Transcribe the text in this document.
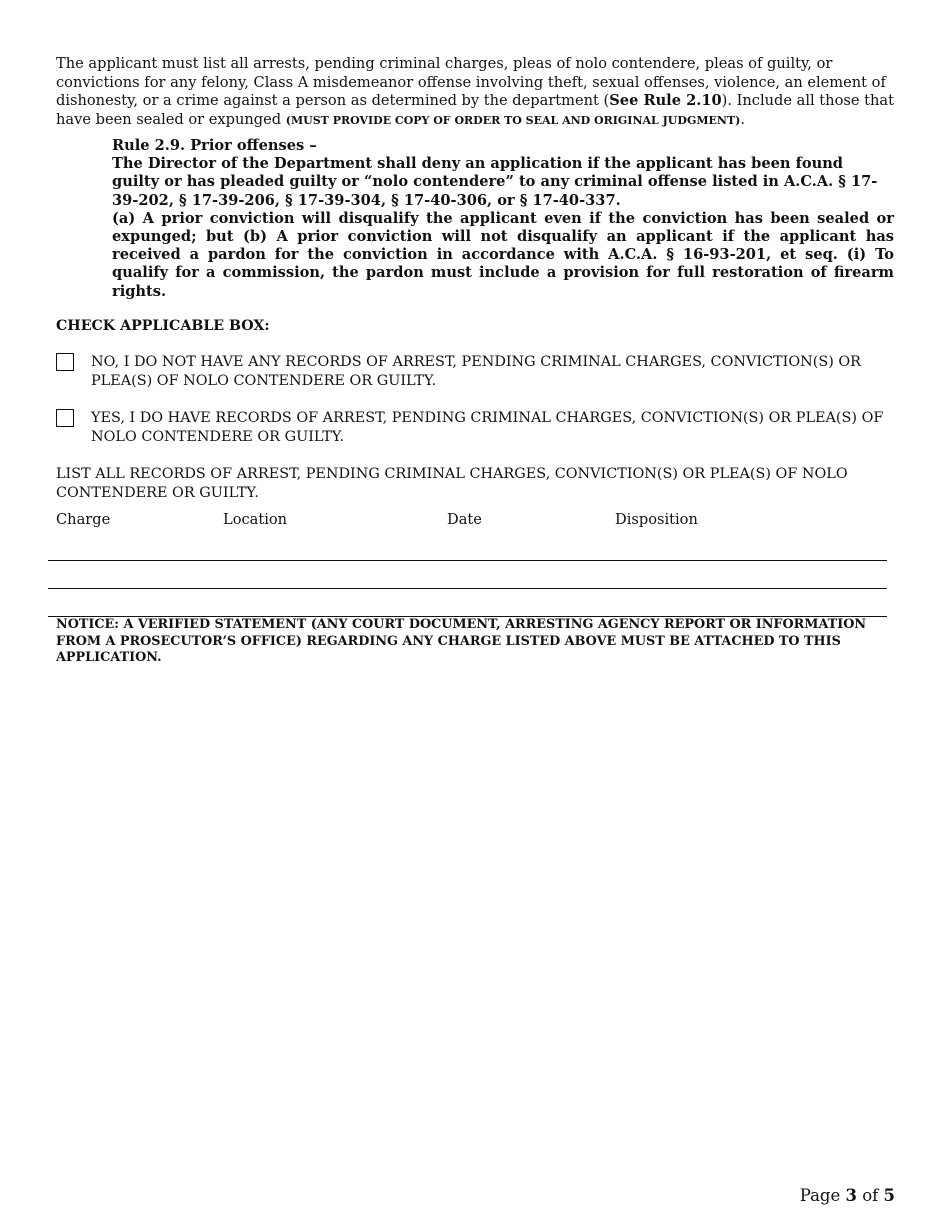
The applicant must list all arrests, pending criminal charges, pleas of nolo contendere, pleas of guilty, or convictions for any felony, Class A misdemeanor offense involving theft, sexual offenses, violence, an element of dishonesty, or a crime against a person as determined by the department (See Rule 2.10). Include all those that have been sealed or expunged (MUST PROVIDE COPY OF ORDER TO SEAL AND ORIGINAL JUDGMENT).
Rule 2.9. Prior offenses –
The Director of the Department shall deny an application if the applicant has been found guilty or has pleaded guilty or “nolo contendere” to any criminal offense listed in A.C.A. § 17-39-202, § 17-39-206, § 17-39-304, § 17-40-306, or § 17-40-337.
(a) A prior conviction will disqualify the applicant even if the conviction has been sealed or expunged; but (b) A prior conviction will not disqualify an applicant if the applicant has received a pardon for the conviction in accordance with A.C.A. § 16-93-201, et seq. (i) To qualify for a commission, the pardon must include a provision for full restoration of firearm rights.
CHECK APPLICABLE BOX:
NO, I DO NOT HAVE ANY RECORDS OF ARREST, PENDING CRIMINAL CHARGES, CONVICTION(S) OR PLEA(S) OF NOLO CONTENDERE OR GUILTY.
YES, I DO HAVE RECORDS OF ARREST, PENDING CRIMINAL CHARGES, CONVICTION(S) OR PLEA(S) OF NOLO CONTENDERE OR GUILTY.
LIST ALL RECORDS OF ARREST, PENDING CRIMINAL CHARGES, CONVICTION(S) OR PLEA(S) OF NOLO CONTENDERE OR GUILTY.
Charge	Location	Date	Disposition
NOTICE: A VERIFIED STATEMENT (ANY COURT DOCUMENT, ARRESTING AGENCY REPORT OR INFORMATION FROM A PROSECUTOR’S OFFICE) REGARDING ANY CHARGE LISTED ABOVE MUST BE ATTACHED TO THIS APPLICATION.
Page 3 of 5
